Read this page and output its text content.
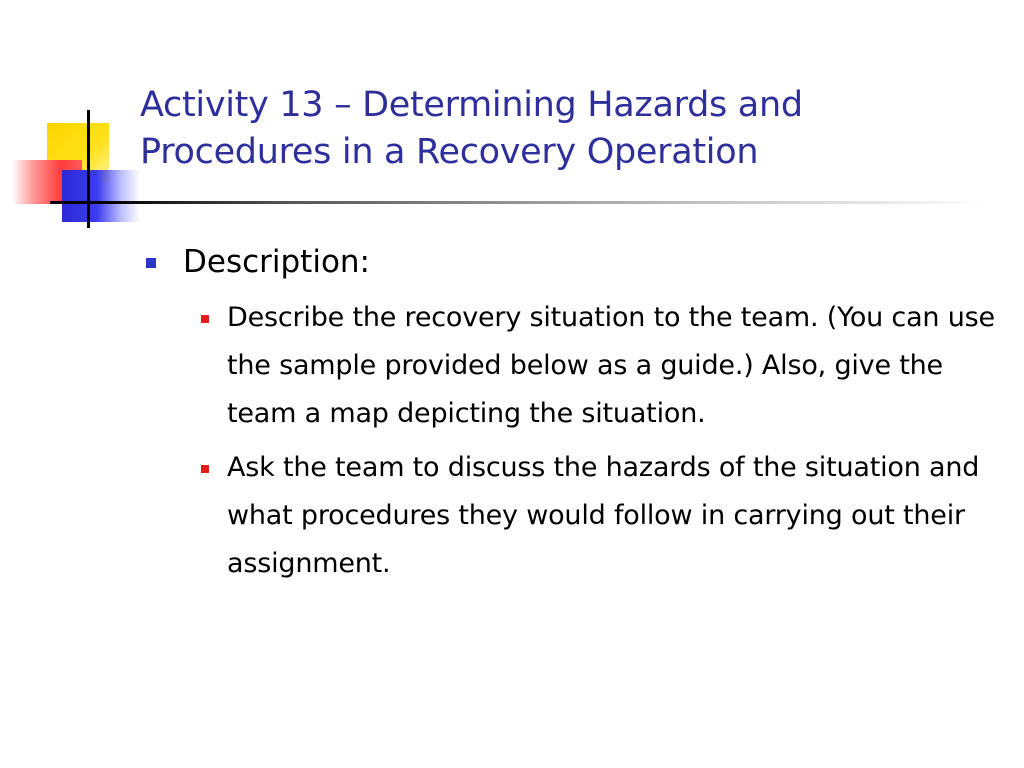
Activity 13 – Determining Hazards and Procedures in a Recovery Operation
Description:
Describe the recovery situation to the team. (You can use the sample provided below as a guide.) Also, give the team a map depicting the situation.
Ask the team to discuss the hazards of the situation and what procedures they would follow in carrying out their assignment.
